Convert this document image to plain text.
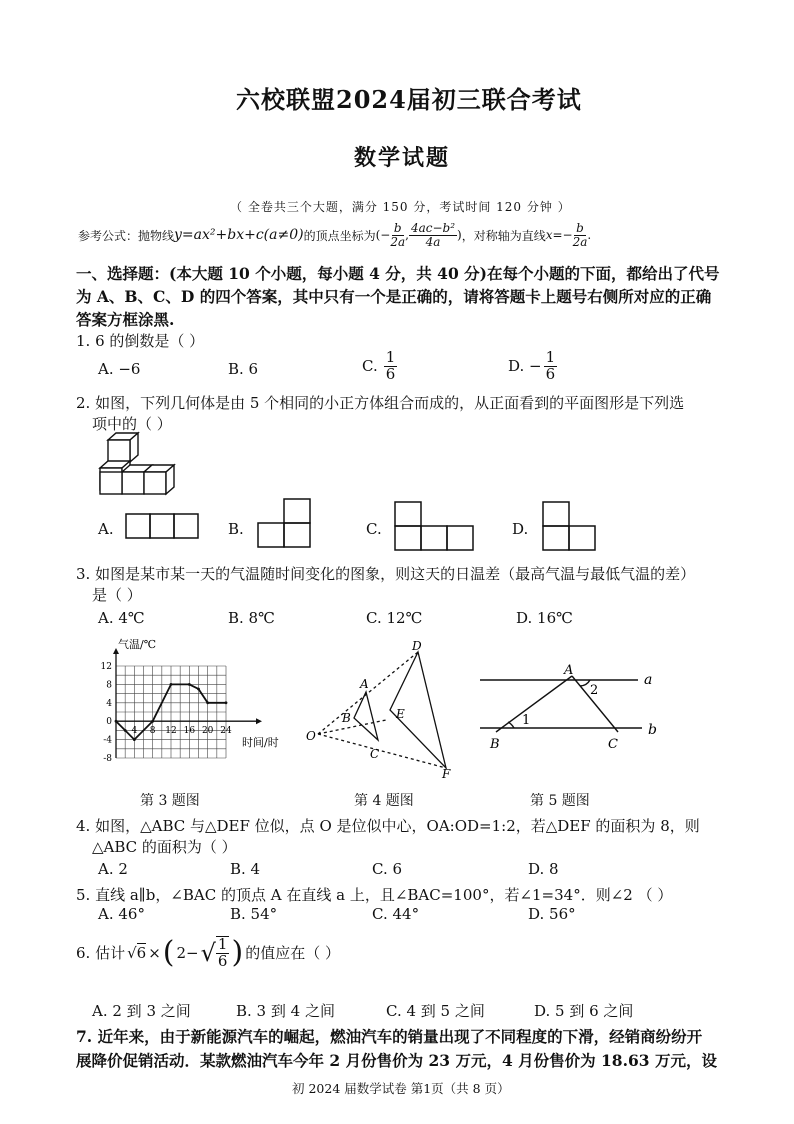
六校联盟2024届初三联合考试
数学试题
（ 全卷共三个大题，满分 150 分，考试时间 120 分钟 ）
参考公式：抛物线 y=ax²+bx+c(a≠0) 的顶点坐标为 (− $\frac{b}{2a}$ , $\frac{\text{4ac−b²}}{4a}$ ) ，对称轴为直线 $x=- \frac{b}{2a}$ .
一、选择题：(本大题 10 个小题，每小题 4 分，共 40 分)在每个小题的下面，都给出了代号
为 A、B、C、D 的四个答案，其中只有一个是正确的，请将答题卡上题号右侧所对应的正确
答案方框涂黑.
1. 6 的倒数是（ ）
A. −6	B. 6	C. $\frac{1}{6}$	D. − $\frac{1}{6}$
2. 如图，下列几何体是由 5 个相同的小正方体组合而成的，从正面看到的平面图形是下列选
项中的（ ）
A.	B.	C.	D.
3. 如图是某市某一天的气温随时间变化的图象，则这天的日温差（最高气温与最低气温的差）
是（ ）
A. 4℃	B. 8℃	C. 12℃	D. 16℃
气温/℃
时间/时
12
8
4
0
-4
-8
4 8 12 16 20 24	O
A
B
C
D
E
F
A
B	C
a
b
1
2
第 3 题图	第 4 题图	第 5 题图
4. 如图，△ABC 与△DEF 位似，点 O 是位似中心，OA:OD=1:2，若△DEF 的面积为 8，则
△ABC 的面积为（ ）
A. 2	B. 4	C. 6	D. 8
5. 直线 a∥b，∠BAC 的顶点 A 在直线 a 上，且∠BAC=100°，若∠1=34°．则∠2 （ ）
A. 46°	B. 54°	C. 44°	D. 56°
6. 估计 √6 × ( 2− √ $\frac{1}{6}$ ) 的值应在（ ）
A. 2 到 3 之间	B. 3 到 4 之间	C. 4 到 5 之间	D. 5 到 6 之间
7. 近年来，由于新能源汽车的崛起，燃油汽车的销量出现了不同程度的下滑，经销商纷纷开
展降价促销活动．某款燃油汽车今年 2 月份售价为 23 万元，4 月份售价为 18.63 万元，设
初 2024 届数学试卷 第1页（共 8 页）
